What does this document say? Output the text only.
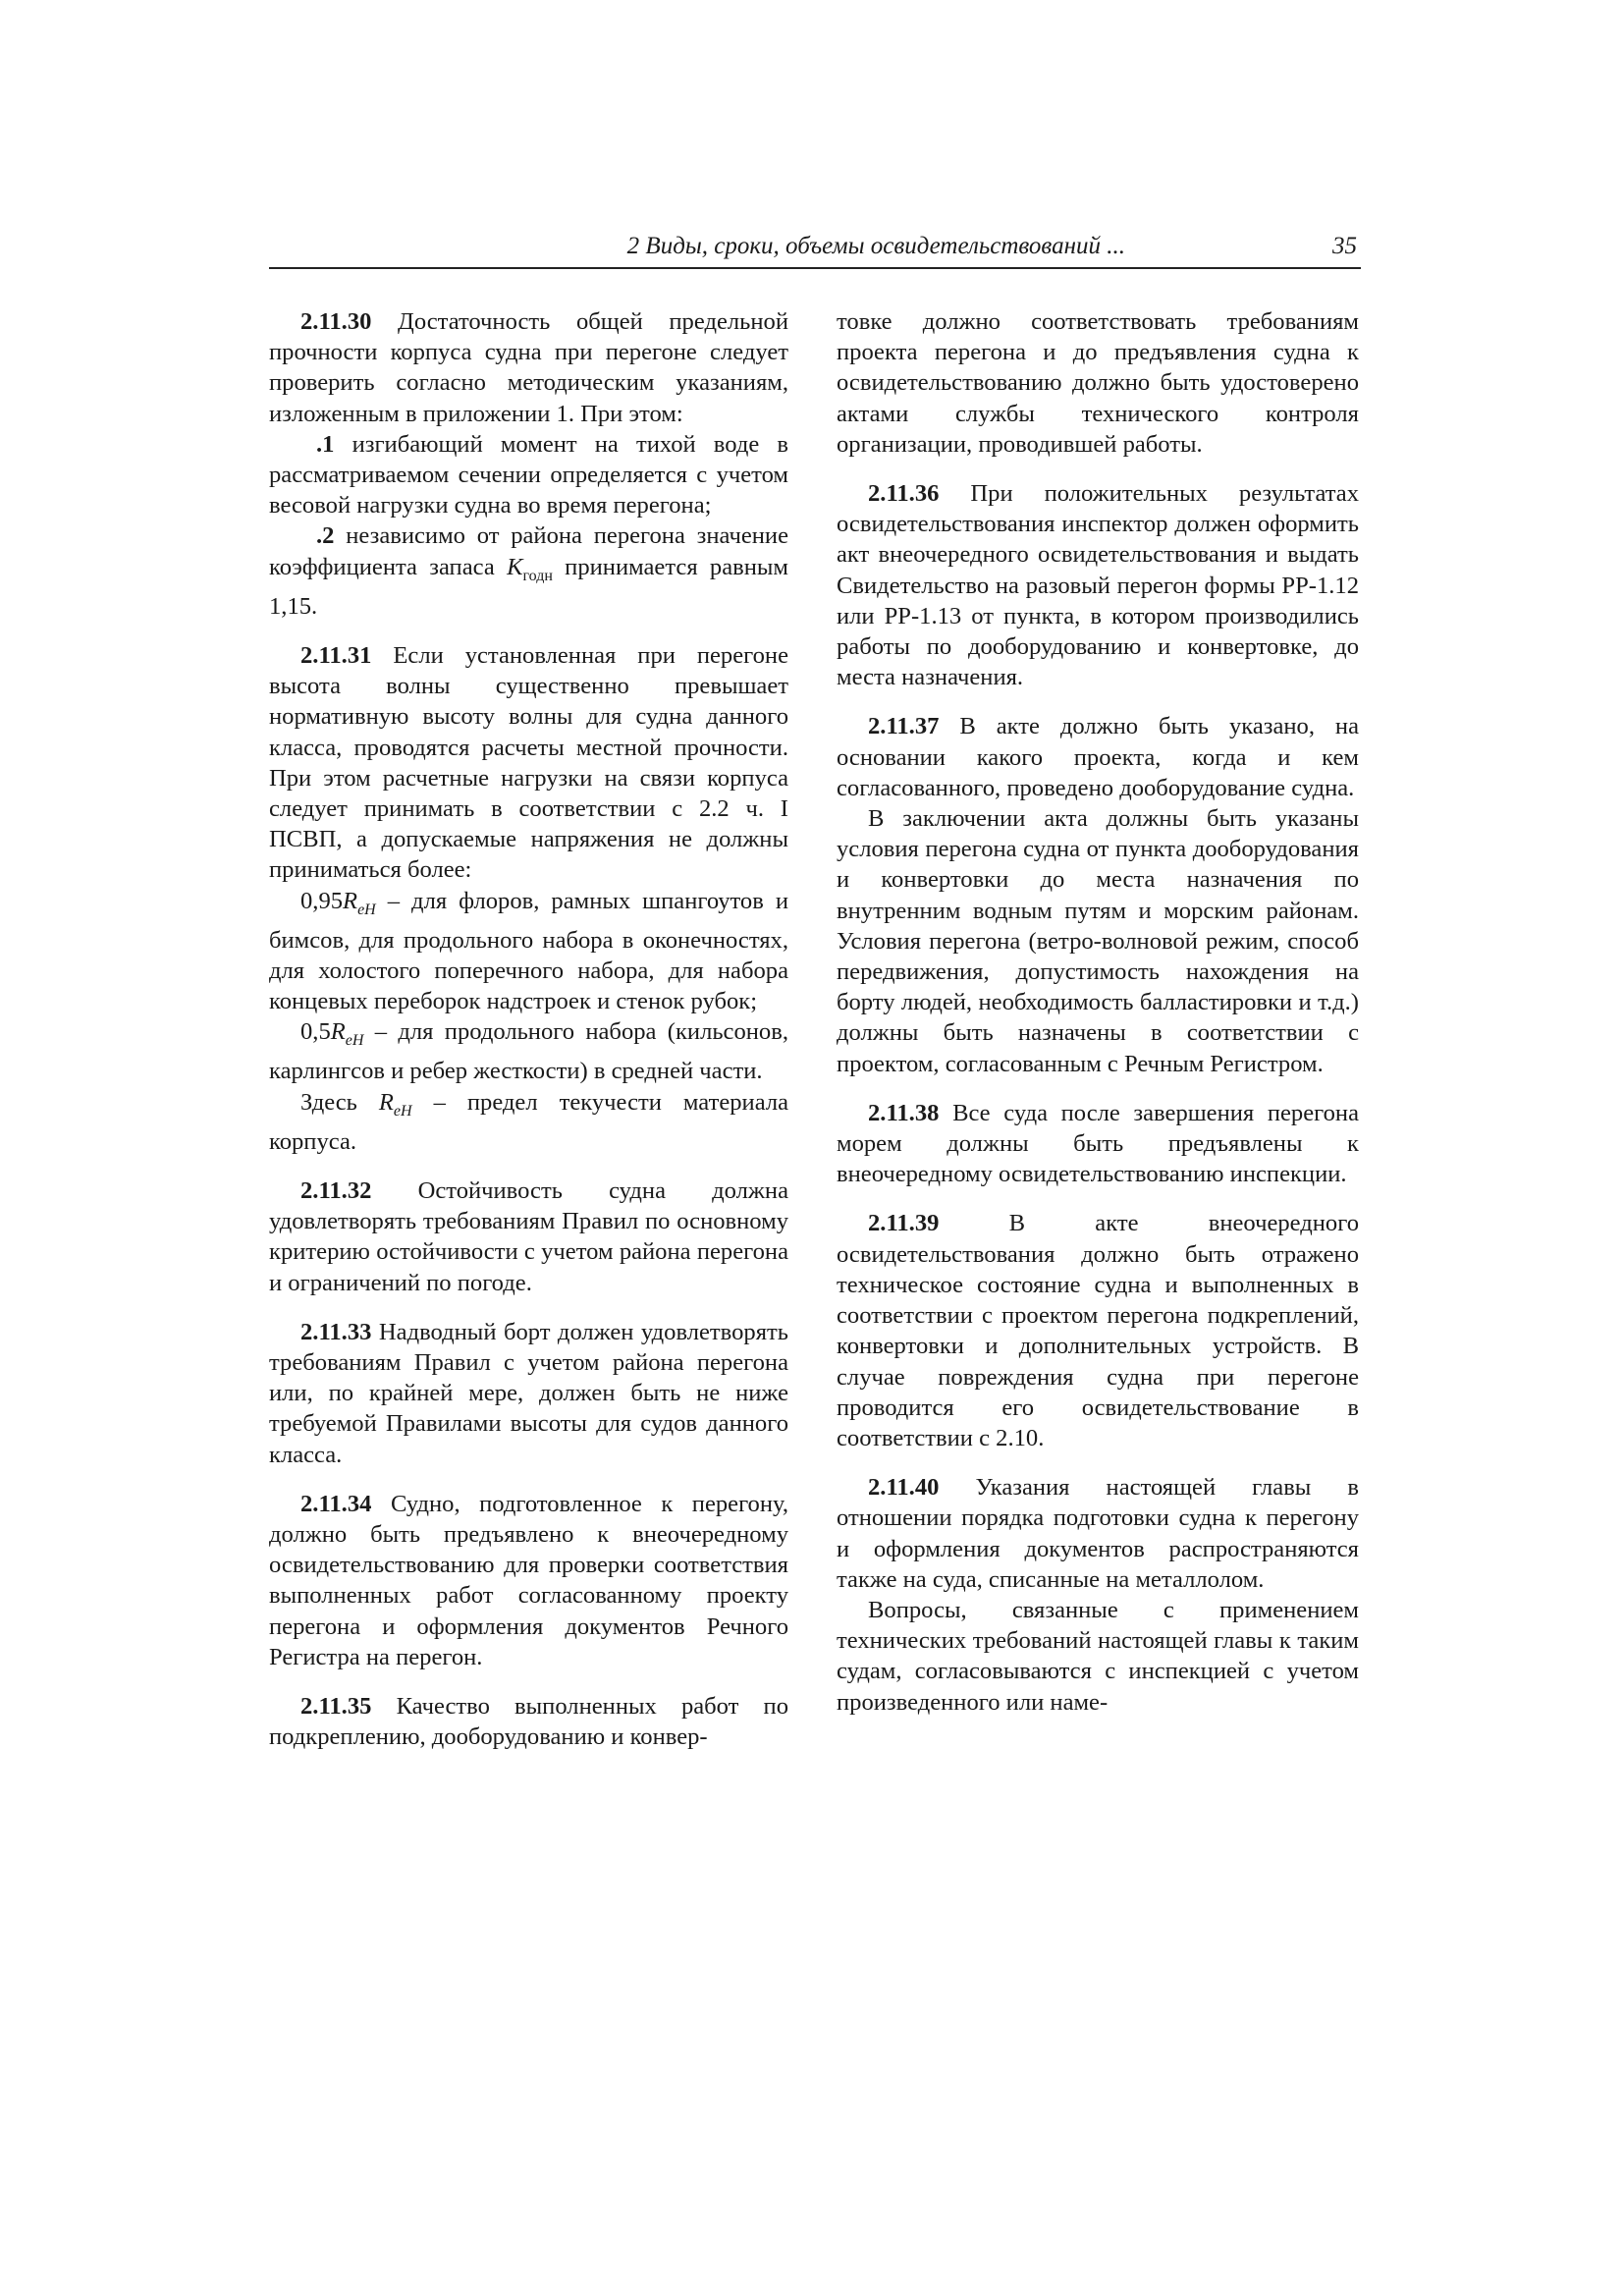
2 Виды, сроки, объемы освидетельствований ...	35

2.11.30 Достаточность общей предельной прочности корпуса судна при перегоне следует проверить согласно методическим указаниям, изложенным в приложении 1. При этом:

.1 изгибающий момент на тихой воде в рассматриваемом сечении определяется с учетом весовой нагрузки судна во время перегона;

.2 независимо от района перегона значение коэффициента запаса $K_{годн}$ принимается равным 1,15.

2.11.31 Если установленная при перегоне высота волны существенно превышает нормативную высоту волны для судна данного класса, проводятся расчеты местной прочности. При этом расчетные нагрузки на связи корпуса следует принимать в соответствии с 2.2 ч. I ПСВП, а допускаемые напряжения не должны приниматься более:

$0,95R_{eH}$ – для флоров, рамных шпангоутов и бимсов, для продольного набора в оконечностях, для холостого поперечного набора, для набора концевых переборок надстроек и стенок рубок;

$0,5R_{eH}$ – для продольного набора (кильсонов, карлингсов и ребер жесткости) в средней части.

Здесь $R_{eH}$ – предел текучести материала корпуса.

2.11.32 Остойчивость судна должна удовлетворять требованиям Правил по основному критерию остойчивости с учетом района перегона и ограничений по погоде.

2.11.33 Надводный борт должен удовлетворять требованиям Правил с учетом района перегона или, по крайней мере, должен быть не ниже требуемой Правилами высоты для судов данного класса.

2.11.34 Судно, подготовленное к перегону, должно быть предъявлено к внеочередному освидетельствованию для проверки соответствия выполненных работ согласованному проекту перегона и оформления документов Речного Регистра на перегон.

2.11.35 Качество выполненных работ по подкреплению, дооборудованию и конвер-

товке должно соответствовать требованиям проекта перегона и до предъявления судна к освидетельствованию должно быть удостоверено актами службы технического контроля организации, проводившей работы.

2.11.36 При положительных результатах освидетельствования инспектор должен оформить акт внеочередного освидетельствования и выдать Свидетельство на разовый перегон формы РР-1.12 или РР-1.13 от пункта, в котором производились работы по дооборудованию и конвертовке, до места назначения.

2.11.37 В акте должно быть указано, на основании какого проекта, когда и кем согласованного, проведено дооборудование судна.

В заключении акта должны быть указаны условия перегона судна от пункта дооборудования и конвертовки до места назначения по внутренним водным путям и морским районам. Условия перегона (ветро-волновой режим, способ передвижения, допустимость нахождения на борту людей, необходимость балластировки и т.д.) должны быть назначены в соответствии с проектом, согласованным с Речным Регистром.

2.11.38 Все суда после завершения перегона морем должны быть предъявлены к внеочередному освидетельствованию инспекции.

2.11.39 В акте внеочередного освидетельствования должно быть отражено техническое состояние судна и выполненных в соответствии с проектом перегона подкреплений, конвертовки и дополнительных устройств. В случае повреждения судна при перегоне проводится его освидетельствование в соответствии с 2.10.

2.11.40 Указания настоящей главы в отношении порядка подготовки судна к перегону и оформления документов распространяются также на суда, списанные на металлолом.

Вопросы, связанные с применением технических требований настоящей главы к таким судам, согласовываются с инспекцией с учетом произведенного или наме-
